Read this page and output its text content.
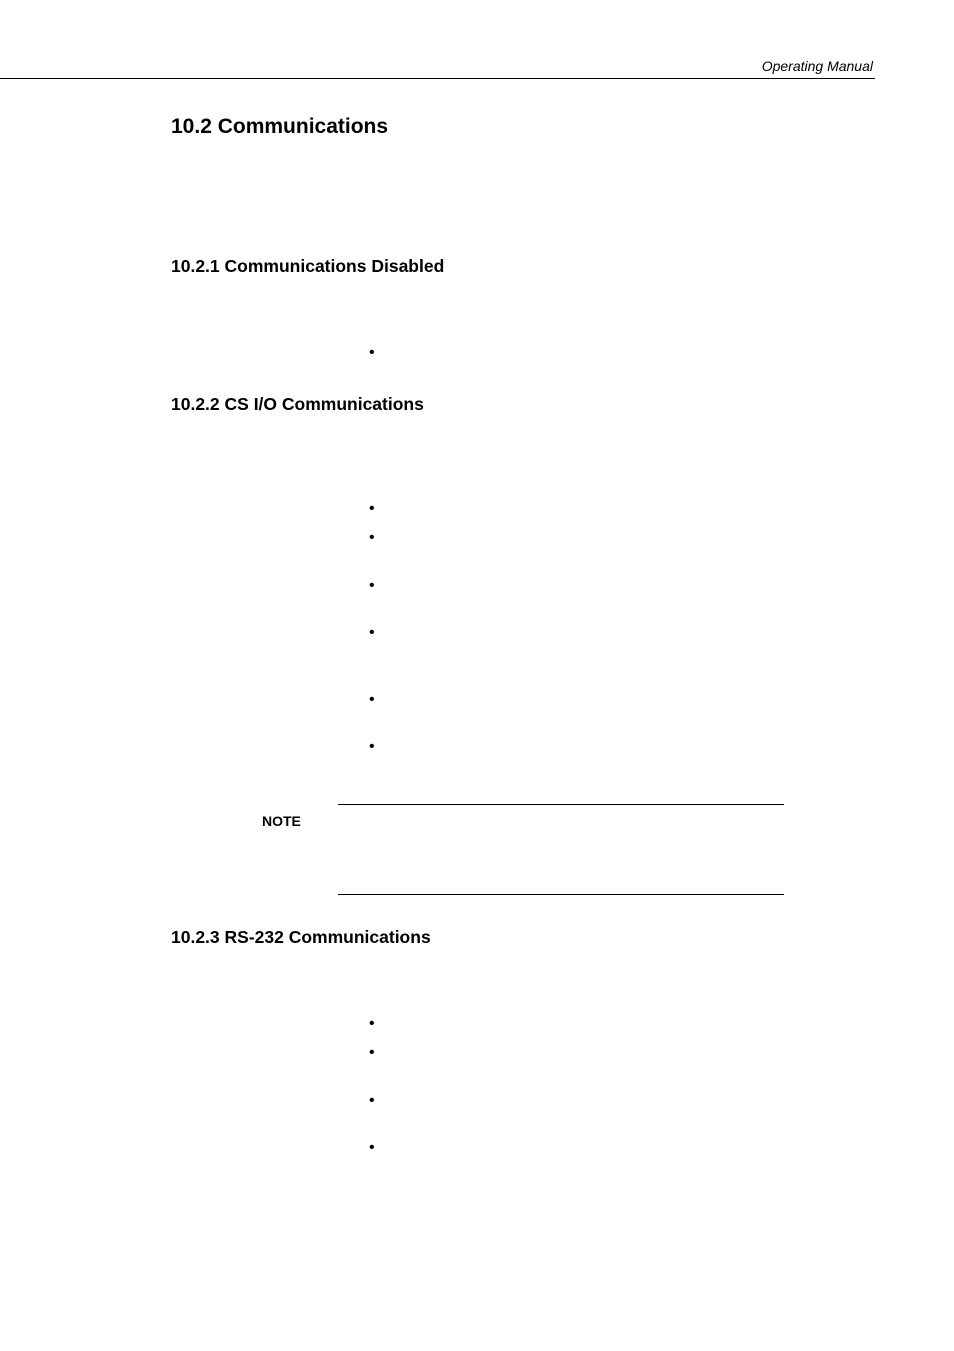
Operating Manual
10.2 Communications
10.2.1 Communications Disabled
•
10.2.2 CS I/O Communications
•
•
•
•
•
•
NOTE
10.2.3 RS-232 Communications
•
•
•
•
